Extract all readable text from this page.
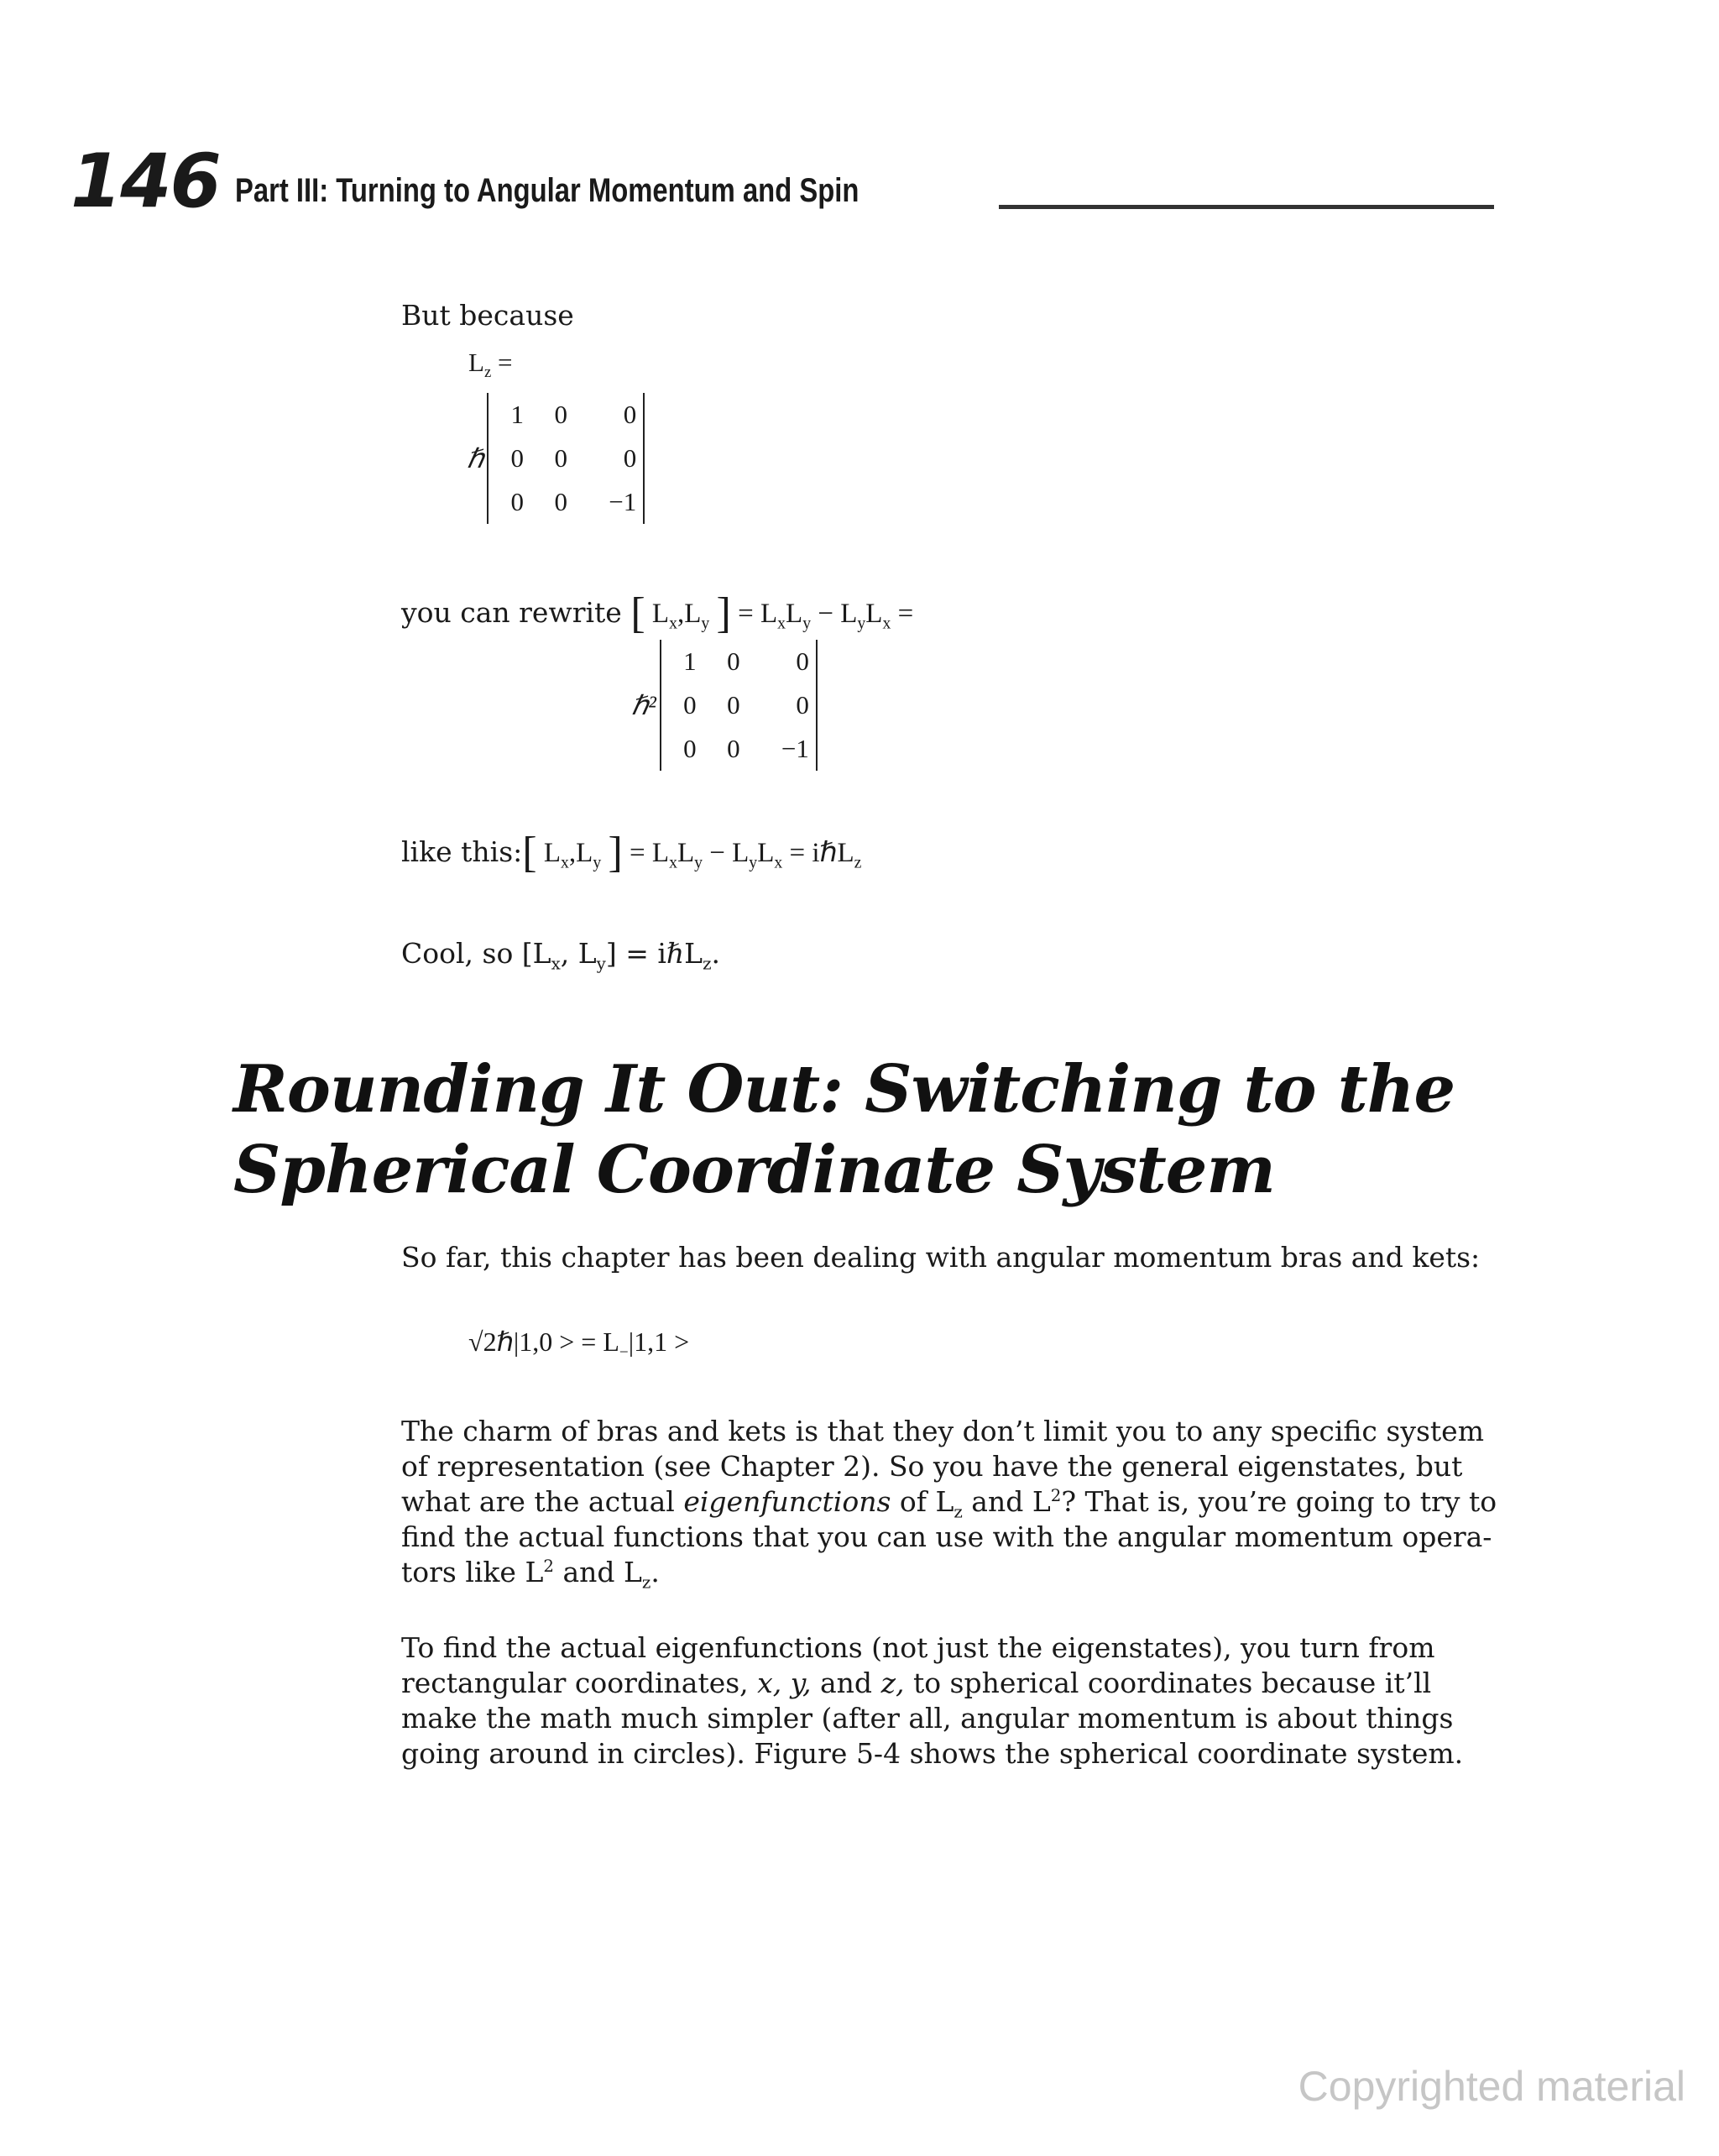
146 Part III: Turning to Angular Momentum and Spin
But because
$L_z$ =
ℏ
1	0	0
0	0	0
0	0	−1
you can rewrite [ $L_x,L_y$ ] = $L_xL_y - L_yL_x$ =
ℏ²
1	0	0
0	0	0
0	0	−1
like this:[ $L_x,L_y$ ] = $L_xL_y - L_yL_x$ = iℏL$_z$
Cool, so [$L_x$, $L_y$] = iℏL$_z$.
Rounding It Out: Switching to the
Spherical Coordinate System
So far, this chapter has been dealing with angular momentum bras and kets:
√2ℏ|1,0 > = $L_-|1,1$ >
The charm of bras and kets is that they don’t limit you to any specific system
of representation (see Chapter 2). So you have the general eigenstates, but
what are the actual eigenfunctions of $L_z$ and $L^2$? That is, you’re going to try to
find the actual functions that you can use with the angular momentum opera-
tors like $L^2$ and $L_z$.
To find the actual eigenfunctions (not just the eigenstates), you turn from
rectangular coordinates, x, y, and z, to spherical coordinates because it’ll
make the math much simpler (after all, angular momentum is about things
going around in circles). Figure 5-4 shows the spherical coordinate system.
Copyrighted material
